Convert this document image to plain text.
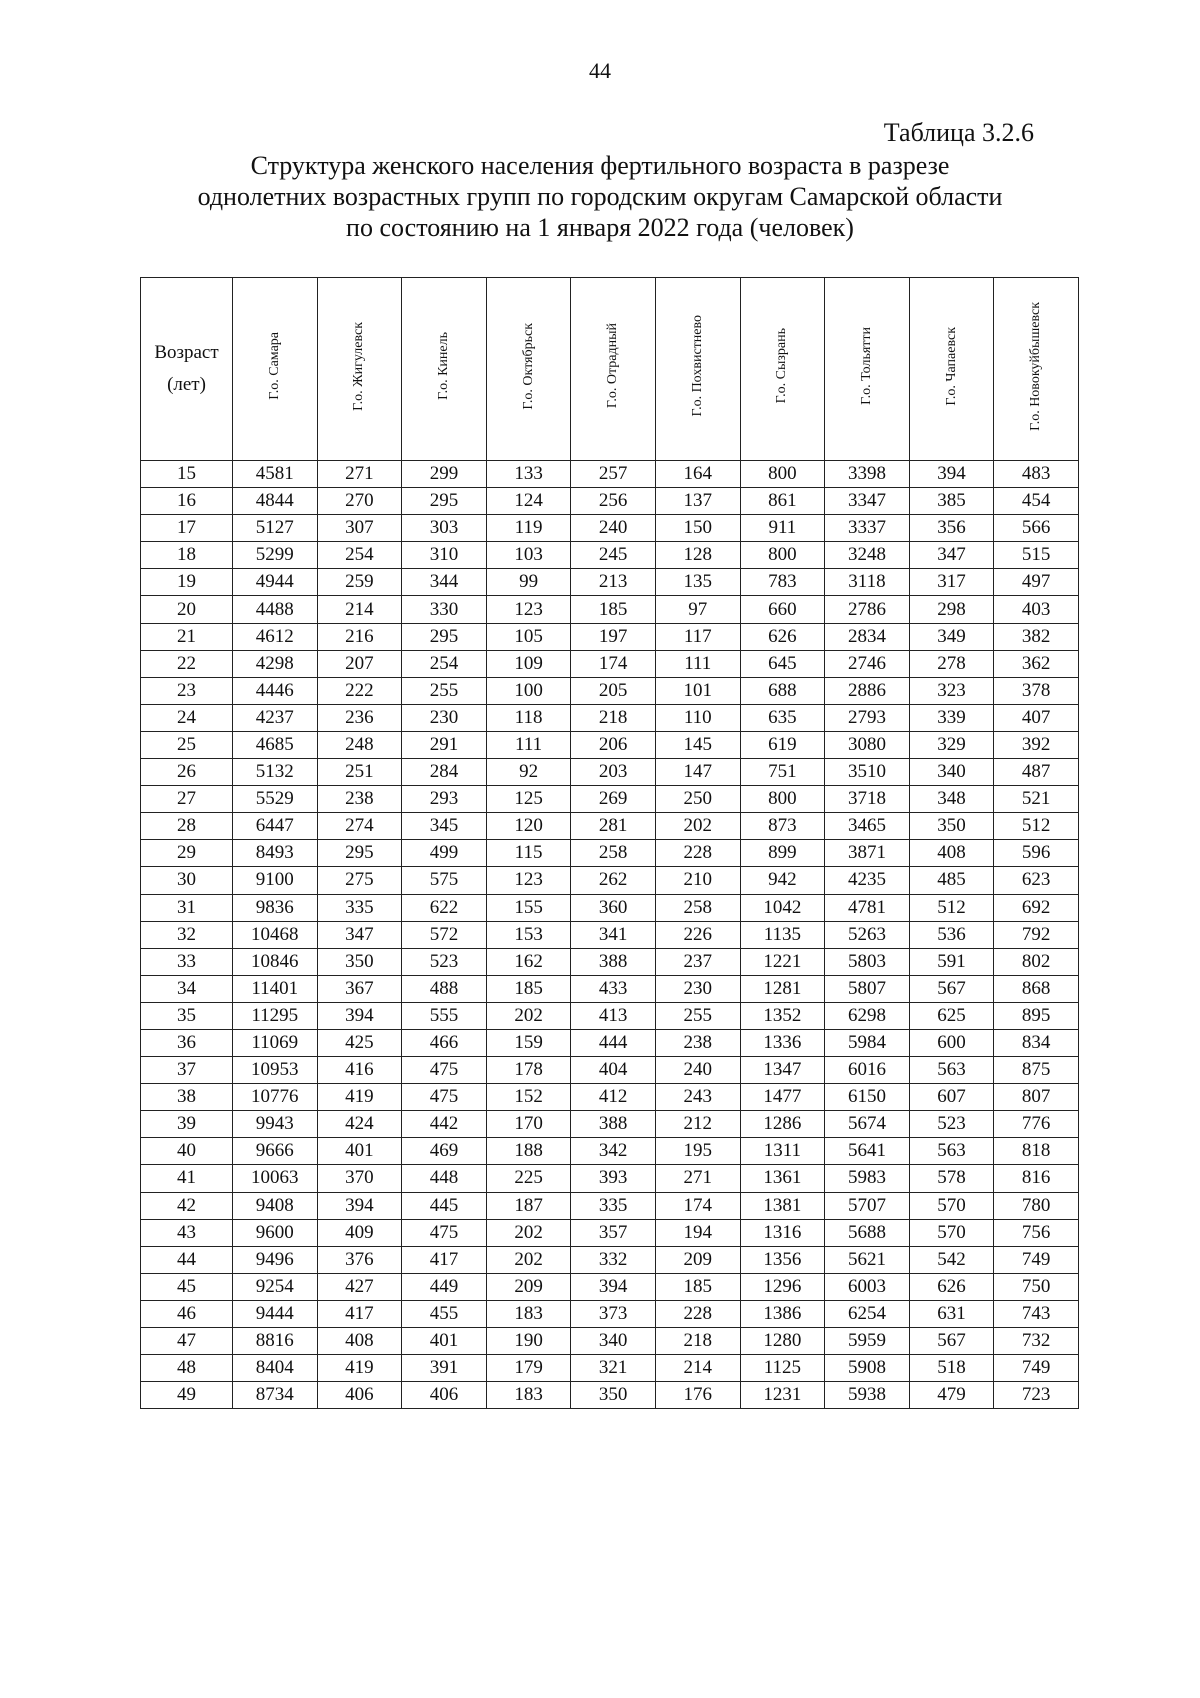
44
Таблица 3.2.6
Структура женского населения фертильного возраста в разрезе
однолетних возрастных групп по городским округам Самарской области
по состоянию на 1 января 2022 года (человек)
Возраст
(лет)	Г.о. Самара	Г.о. Жигулевск	Г.о. Кинель	Г.о. Октябрьск	Г.о. Отрадный	Г.о. Похвистнево	Г.о. Сызрань	Г.о. Тольятти	Г.о. Чапаевск	Г.о. Новокуйбышевск
15	4581	271	299	133	257	164	800	3398	394	483
16	4844	270	295	124	256	137	861	3347	385	454
17	5127	307	303	119	240	150	911	3337	356	566
18	5299	254	310	103	245	128	800	3248	347	515
19	4944	259	344	99	213	135	783	3118	317	497
20	4488	214	330	123	185	97	660	2786	298	403
21	4612	216	295	105	197	117	626	2834	349	382
22	4298	207	254	109	174	111	645	2746	278	362
23	4446	222	255	100	205	101	688	2886	323	378
24	4237	236	230	118	218	110	635	2793	339	407
25	4685	248	291	111	206	145	619	3080	329	392
26	5132	251	284	92	203	147	751	3510	340	487
27	5529	238	293	125	269	250	800	3718	348	521
28	6447	274	345	120	281	202	873	3465	350	512
29	8493	295	499	115	258	228	899	3871	408	596
30	9100	275	575	123	262	210	942	4235	485	623
31	9836	335	622	155	360	258	1042	4781	512	692
32	10468	347	572	153	341	226	1135	5263	536	792
33	10846	350	523	162	388	237	1221	5803	591	802
34	11401	367	488	185	433	230	1281	5807	567	868
35	11295	394	555	202	413	255	1352	6298	625	895
36	11069	425	466	159	444	238	1336	5984	600	834
37	10953	416	475	178	404	240	1347	6016	563	875
38	10776	419	475	152	412	243	1477	6150	607	807
39	9943	424	442	170	388	212	1286	5674	523	776
40	9666	401	469	188	342	195	1311	5641	563	818
41	10063	370	448	225	393	271	1361	5983	578	816
42	9408	394	445	187	335	174	1381	5707	570	780
43	9600	409	475	202	357	194	1316	5688	570	756
44	9496	376	417	202	332	209	1356	5621	542	749
45	9254	427	449	209	394	185	1296	6003	626	750
46	9444	417	455	183	373	228	1386	6254	631	743
47	8816	408	401	190	340	218	1280	5959	567	732
48	8404	419	391	179	321	214	1125	5908	518	749
49	8734	406	406	183	350	176	1231	5938	479	723
